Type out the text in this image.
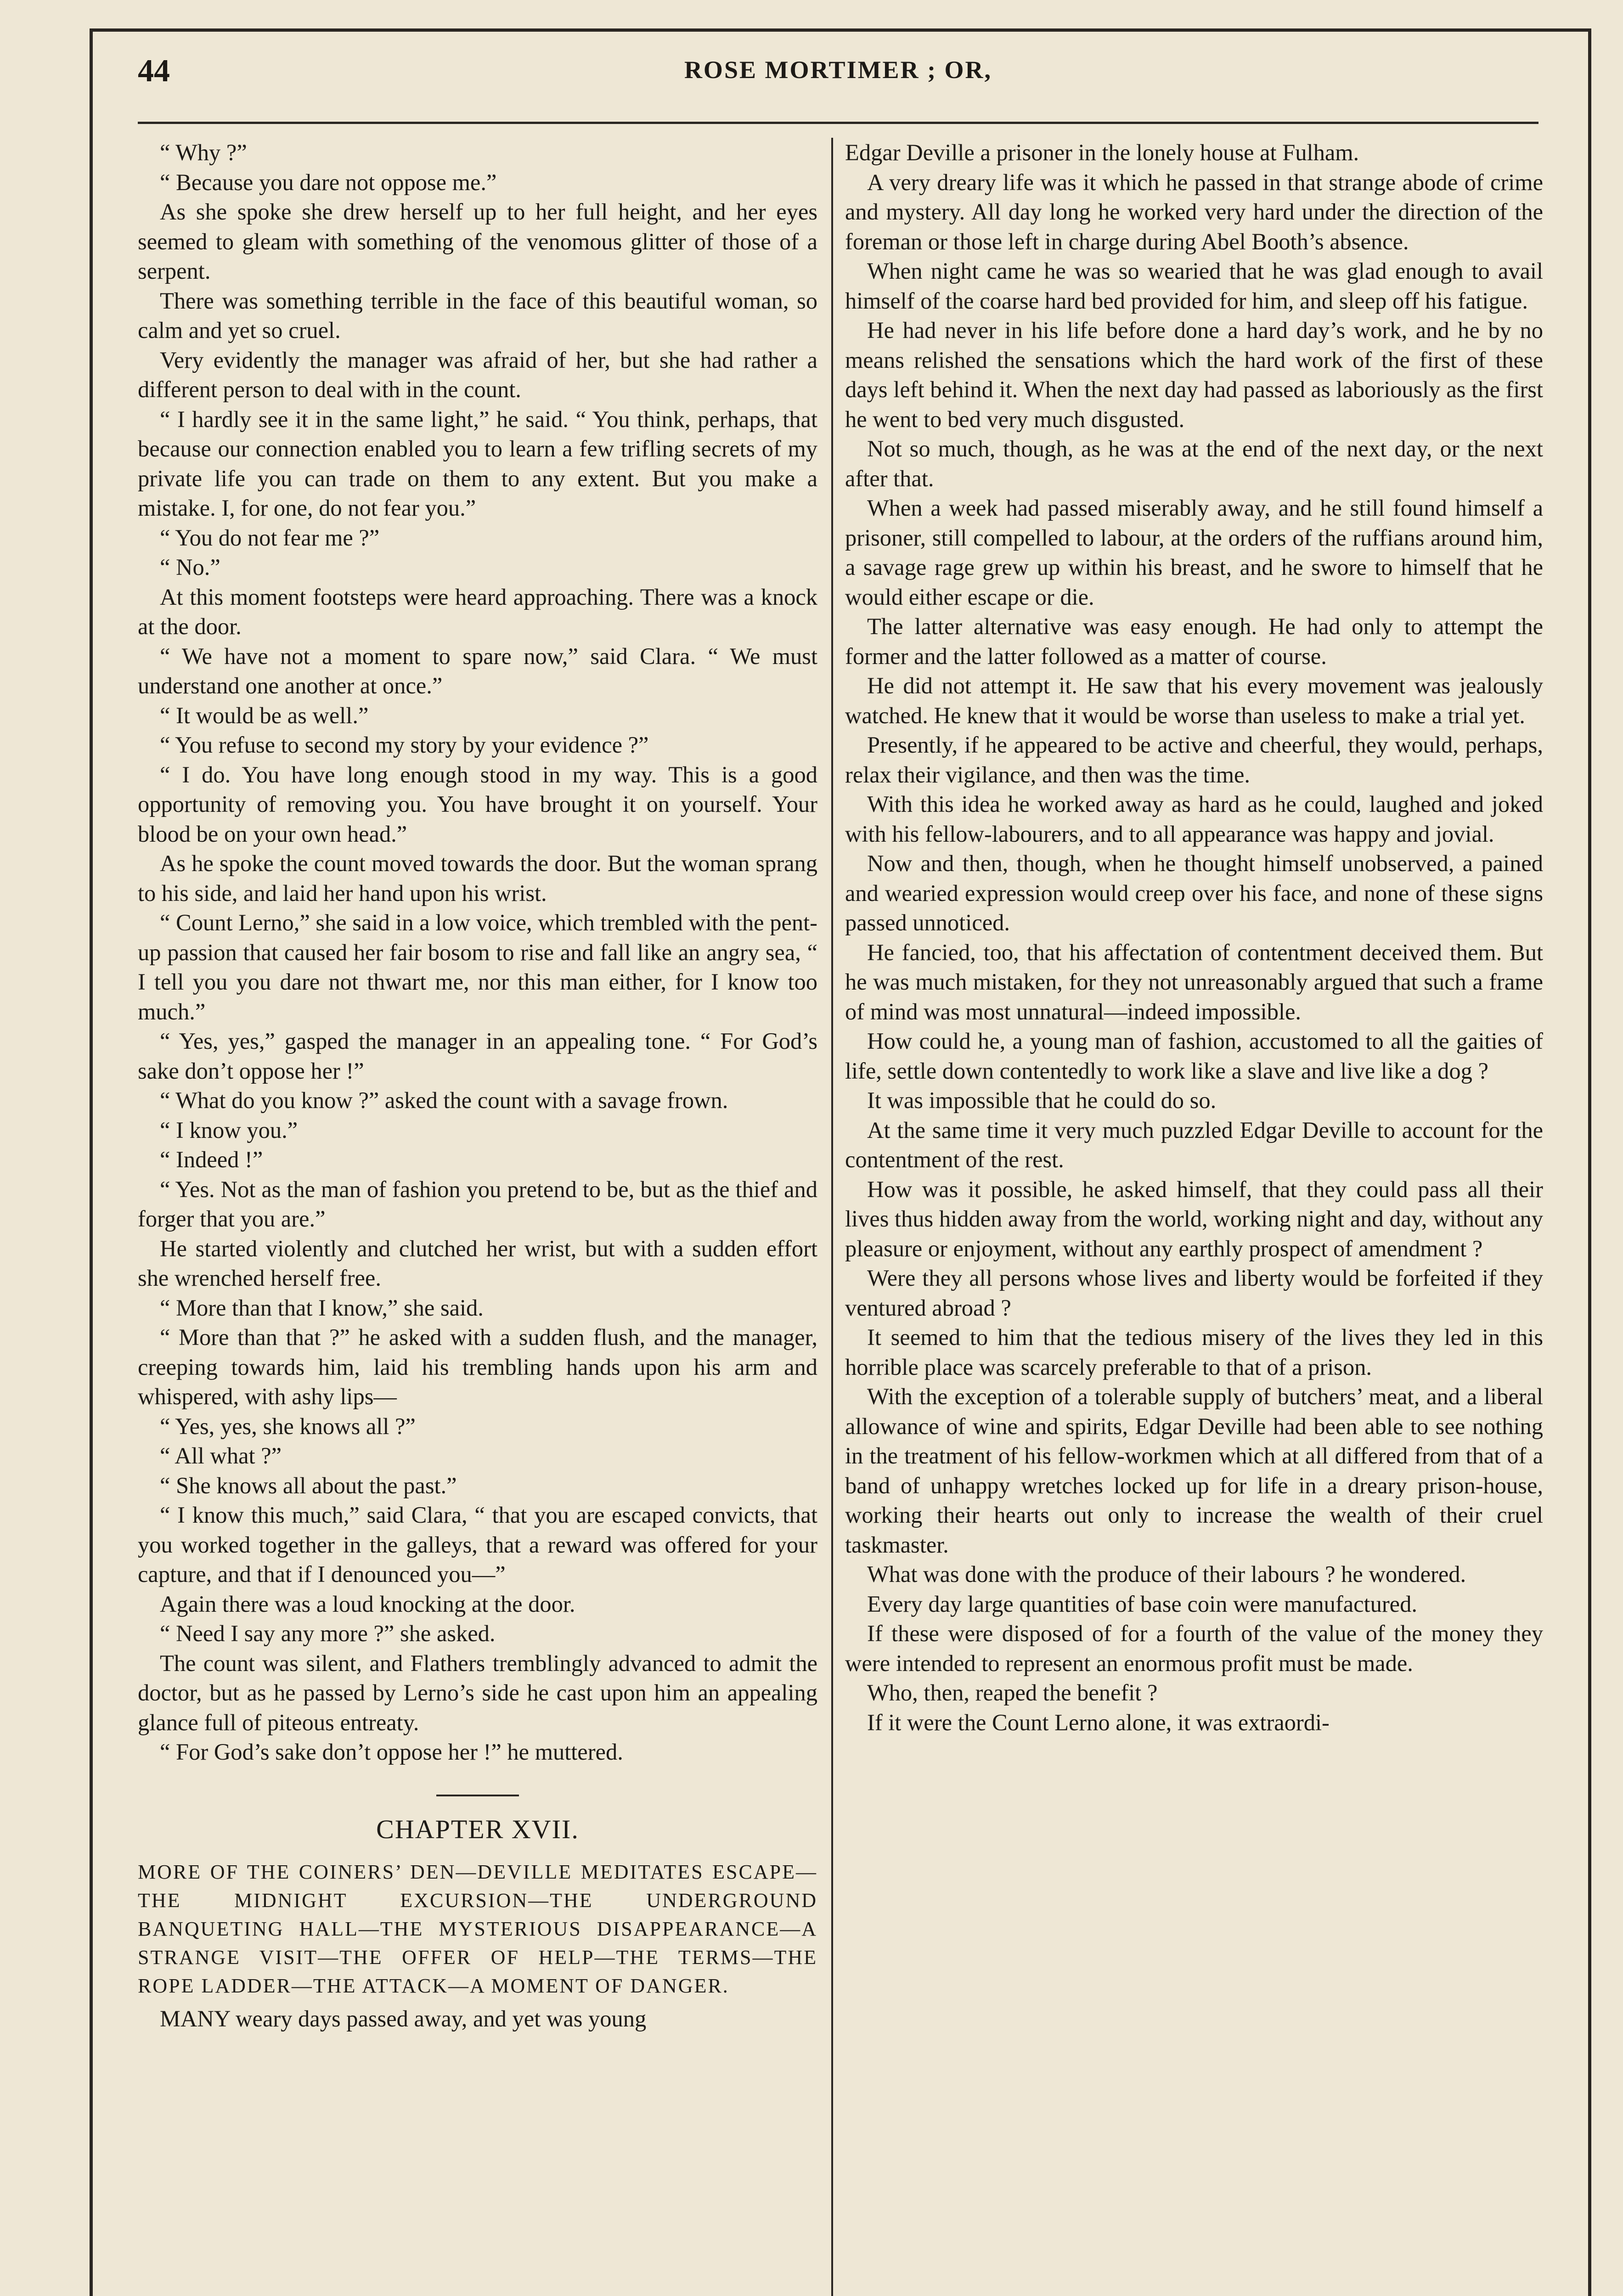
44	ROSE MORTIMER ; OR,

“ Why ?”

“ Because you dare not oppose me.”

As she spoke she drew herself up to her full height, and her eyes seemed to gleam with something of the venomous glitter of those of a serpent.

There was something terrible in the face of this beautiful woman, so calm and yet so cruel.

Very evidently the manager was afraid of her, but she had rather a different person to deal with in the count.

“ I hardly see it in the same light,” he said. “ You think, perhaps, that because our connection enabled you to learn a few trifling secrets of my private life you can trade on them to any extent. But you make a mistake. I, for one, do not fear you.”

“ You do not fear me ?”

“ No.”

At this moment footsteps were heard approaching. There was a knock at the door.

“ We have not a moment to spare now,” said Clara. “ We must understand one another at once.”

“ It would be as well.”

“ You refuse to second my story by your evidence ?”

“ I do. You have long enough stood in my way. This is a good opportunity of removing you. You have brought it on yourself. Your blood be on your own head.”

As he spoke the count moved towards the door. But the woman sprang to his side, and laid her hand upon his wrist.

“ Count Lerno,” she said in a low voice, which trembled with the pent-up passion that caused her fair bosom to rise and fall like an angry sea, “ I tell you you dare not thwart me, nor this man either, for I know too much.”

“ Yes, yes,” gasped the manager in an appealing tone. “ For God’s sake don’t oppose her !”

“ What do you know ?” asked the count with a savage frown.

“ I know you.”

“ Indeed !”

“ Yes. Not as the man of fashion you pretend to be, but as the thief and forger that you are.”

He started violently and clutched her wrist, but with a sudden effort she wrenched herself free.

“ More than that I know,” she said.

“ More than that ?” he asked with a sudden flush, and the manager, creeping towards him, laid his trembling hands upon his arm and whispered, with ashy lips—

“ Yes, yes, she knows all ?”

“ All what ?”

“ She knows all about the past.”

“ I know this much,” said Clara, “ that you are escaped convicts, that you worked together in the galleys, that a reward was offered for your capture, and that if I denounced you—”

Again there was a loud knocking at the door.

“ Need I say any more ?” she asked.

The count was silent, and Flathers tremblingly advanced to admit the doctor, but as he passed by Lerno’s side he cast upon him an appealing glance full of piteous entreaty.

“ For God’s sake don’t oppose her !” he muttered.

CHAPTER XVII.

MORE OF THE COINERS’ DEN—DEVILLE MEDITATES ESCAPE—THE MIDNIGHT EXCURSION—THE UNDERGROUND BANQUETING HALL—THE MYSTERIOUS DISAPPEARANCE—A STRANGE VISIT—THE OFFER OF HELP—THE TERMS—THE ROPE LADDER—THE ATTACK—A MOMENT OF DANGER.

MANY weary days passed away, and yet was young

Edgar Deville a prisoner in the lonely house at Fulham.

A very dreary life was it which he passed in that strange abode of crime and mystery. All day long he worked very hard under the direction of the foreman or those left in charge during Abel Booth’s absence.

When night came he was so wearied that he was glad enough to avail himself of the coarse hard bed provided for him, and sleep off his fatigue.

He had never in his life before done a hard day’s work, and he by no means relished the sensations which the hard work of the first of these days left behind it. When the next day had passed as laboriously as the first he went to bed very much disgusted.

Not so much, though, as he was at the end of the next day, or the next after that.

When a week had passed miserably away, and he still found himself a prisoner, still compelled to labour, at the orders of the ruffians around him, a savage rage grew up within his breast, and he swore to himself that he would either escape or die.

The latter alternative was easy enough. He had only to attempt the former and the latter followed as a matter of course.

He did not attempt it. He saw that his every movement was jealously watched. He knew that it would be worse than useless to make a trial yet.

Presently, if he appeared to be active and cheerful, they would, perhaps, relax their vigilance, and then was the time.

With this idea he worked away as hard as he could, laughed and joked with his fellow-labourers, and to all appearance was happy and jovial.

Now and then, though, when he thought himself unobserved, a pained and wearied expression would creep over his face, and none of these signs passed unnoticed.

He fancied, too, that his affectation of contentment deceived them. But he was much mistaken, for they not unreasonably argued that such a frame of mind was most unnatural—indeed impossible.

How could he, a young man of fashion, accustomed to all the gaities of life, settle down contentedly to work like a slave and live like a dog ?

It was impossible that he could do so.

At the same time it very much puzzled Edgar Deville to account for the contentment of the rest.

How was it possible, he asked himself, that they could pass all their lives thus hidden away from the world, working night and day, without any pleasure or enjoyment, without any earthly prospect of amendment ?

Were they all persons whose lives and liberty would be forfeited if they ventured abroad ?

It seemed to him that the tedious misery of the lives they led in this horrible place was scarcely preferable to that of a prison.

With the exception of a tolerable supply of butchers’ meat, and a liberal allowance of wine and spirits, Edgar Deville had been able to see nothing in the treatment of his fellow-workmen which at all differed from that of a band of unhappy wretches locked up for life in a dreary prison-house, working their hearts out only to increase the wealth of their cruel taskmaster.

What was done with the produce of their labours ? he wondered.

Every day large quantities of base coin were manufactured.

If these were disposed of for a fourth of the value of the money they were intended to represent an enormous profit must be made.

Who, then, reaped the benefit ?

If it were the Count Lerno alone, it was extraordi-
